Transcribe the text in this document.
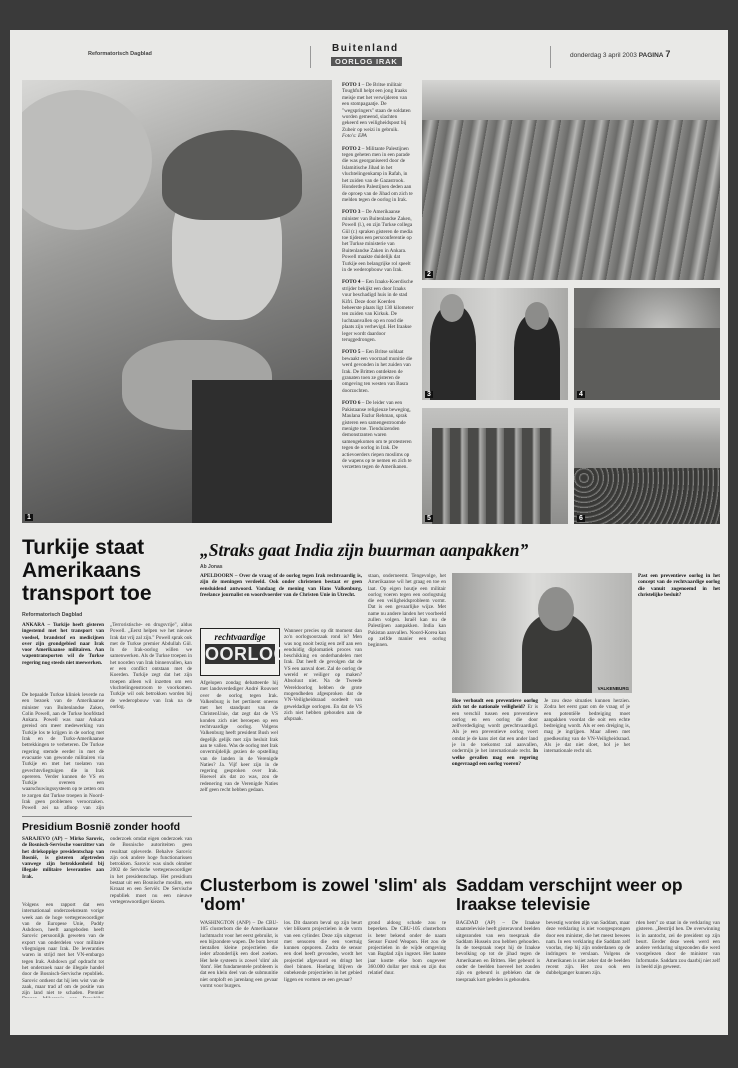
Reformatorisch Dagblad	Buitenland
OORLOG IRAK
donderdag 3 april 2003 PAGINA 7
1
FOTO 1 – De Britse militair Toughfull helpt een jong Iraaks meisje met het verwijderen van een stompagaatje. De "wegspringers" staan de soldaten worden gemeend, slachten gekeerd een veiligheidspost bij Zubeir op weizi in gebruik. Foto's: EPA
FOTO 2 – Militante Palestijnen tegen geheten men in een parade die was georganiseerd door de Islamitische Jihad in het vluchtelingenkamp in Rafah, in het zuiden van de Gazastrook. Honderden Palestijnen deden aan de oproep van de Jihad om zich te melden tegen de oorlog in Irak.
FOTO 3 – De Amerikaanse minister van Buitenlandse Zaken, Powell (l.), en zijn Turkse collega Gül (r.) spraken gisteren de media toe tijdens een persconferentie op het Turkse ministerie van Buitenlandse Zaken in Ankara. Powell maakte duidelijk dat Turkije een belangrijke rol speelt in de wederopbouw van Irak.
FOTO 4 – Een Iraaks-Koerdische strijder bekijkt een door Iraaks vuur beschadigd huis in de stad Kifri. Deze door Koerden beheerste plaats ligt 130 kilometer ten zuiden van Kirkuk. De luchtaanvallen op en rond die plaats zijn verhevigd. Het Iraakse leger wordt daardoor teruggedrongen.
FOTO 5 – Een Britse soldaat bewaakt een voorraad munitie die werd gevonden in het zuiden van Irak. De Britten ontdekten de granaten toen ze gisteren de omgeving ten westen van Basra doorzochten.
FOTO 6 – De leider van een Pakistaanse religieuze beweging, Maulana Fazlur Rehman, sprak gisteren een samengestroomde menigte toe. Tienduizenden demonstranten waren samengekomen om te protesteren tegen de oorlog in Irak. De actievoerders riepen moslims op de wapens op te nemen en zich te verzetten tegen de Amerikanen.
2
3	4
5	6
Turkije staat Amerikaans transport toe
Reformatorisch Dagblad
ANKARA – Turkije heeft gisteren ingestemd met het transport van voedsel, brandstof en medicijnen over zijn grondgebied naar Irak voor Amerikaanse militairen. Aan wapentransporten wil de Turkse regering nog steeds niet meewerken.
De bepaalde Turkse kliniek leverde na een bezoek van de Amerikaanse minister van Buitenlandse Zaken, Colin Powell, aan de Turkse hoofdstad Ankara. Powell was naar Ankara gereisd om meer medewerking van Turkije los te krijgen in de oorlog met Irak en de Turks-Amerikaanse betrekkingen te verbeteren. De Turkse regering stemde eerder in met de evacuatie van gewonde militairen via Turkije en met het toelaten van gevechtsvliegtuigen die in Irak opereren. Verder kunnen de VS en Turkije overeen een waarschuwingssysteem op te zetten om te zorgen dat Turkse troepen in Noord-Irak geen problemen veroorzaken. Powell zei na afloop van zijn
„Terroristische- en drugsvrije", aldus Powell. „Eerst helpen we het nieuwe Irak dat vrij zal zijn." Powell sprak ook met de Turkse premier Abdullah Gül. In de Irak-oorlog willen we samenwerken. Als de Turkse troepen in het noorden van Irak binnenvallen, kan er een conflict ontstaan met de Koerden. Turkije zegt dat het zijn troepen alleen wil inzetten om een vluchtelingenstroom te voorkomen. Turkije wil ook betrokken worden bij de wederopbouw van Irak na de oorlog.
Presidium Bosnië zonder hoofd
SARAJEVO (AP) – Mirko Sarovic, de Bosnisch-Servische voorzitter van het driekoppige presidentschap van Bosnië, is gisteren afgetreden vanwege zijn betrokkenheid bij illegale militaire leveranties aan Irak.
Volgens een rapport dat een internationaal onderzoeksteam vorige week aan de hoge vertegenwoordiger van de Europese Unie, Paddy Ashdown, heeft aangeboden heeft Sarovic persoonlijk geweten van de export van onderdelen voor militaire vliegtuigen naar Irak. De leveranties waren in strijd met het VN-embargo tegen Irak. Ashdown gaf opdracht tot het onderzoek naar de illegale handel door de Bosnisch-Servische republiek. Sarovic ontkent dat hij iets wist van de zaak, maar trad af om de positie van zijn land niet te schaden. Premier
onderzoek omdat eigen onderzoek van de Bosnische autoriteiten geen resultaat opleverde. Behalve Sarovic zijn ook andere hoge functionarissen betrokken. Sarovic was sinds oktober 2002 de Servische vertegenwoordiger in het presidentschap. Het presidium bestaat uit een Bosnische moslim, een Kroaat en een Serviër. De Servische republiek moet nu een nieuwe vertegenwoordiger kiezen.
„Straks gaat India zijn buurman aanpakken”
Ab Jonas
APELDOORN – Over de vraag of de oorlog tegen Irak rechtvaardig is, zijn de meningen verdeeld. Ook onder christenen bestaat er geen eensluidend antwoord. Vandaag de mening van Hans Valkenburg, freelance journalist en woordvoerder van de Christen Unie in Utrecht.
rechtvaardige
OORLOG
Afgelopen zondag debatteerde hij met landsverdediger André Rouvoet over de oorlog tegen Irak. Valkenburg is het pertinent oneens met het standpunt van de ChristenUnie, dat zegt dat de VS konden zich niet beroepen op een rechtvaardige oorlog. Volgens Valkenburg heeft president Bush wel degelijk gelijk met zijn besluit Irak aan te vallen. Was de oorlog met Irak onvermijdelijk gezien de opstelling van de landen in de Verenigde Naties? Ja. Vijf keer zijn in de regering gesproken over Irak. Hoewel als dat zo was, zou de redenering van de Verenigde Naties zelf geen recht hebben gedaan.
Wanneer precies op dit moment dan zo'n oorlogsoorzaak rond is? Men was nog nooit bezig een zelf aan een eenduidig diplomatiek proces van beschikking en onderhandelen met Irak. Dat heeft de gevolgen dat de VS een aanval doet. Zal de oorlog de wereld er veiliger op maken? Absoluut niet. Na de Tweede Wereldoorlog hebben de grote mogendheden afgesproken dat de VN-Veiligheidsraad oordeelt van geweldadige oorlogen. En dat de VS zich niet hebben gehouden aan de afspraak.
staan, onderneemt. Tengevolge, het Amerikaanse wil het graag en toe en laat. Op eigen houtje een militair oorlog voeren tegen een oorlogstuig die een veiligheidsprobleem vormt. Dat is een gevaarlijke wijze. Met name nu andere landen het voorbeeld zullen volgen. Israël kan nu de Palestijnen aanpakken. India kan Pakistan aanvallen. Noord-Korea kan op zelfde manier een oorlog beginnen.
VALKENBURG
Hoe verhoudt een preventieve oorlog zich tot de nationale veiligheid? Er is een verschil tussen een preventieve oorlog en een oorlog die door zelfverdediging wordt gerechtvaardigd. Als je een preventieve oorlog voert omdat je de kans ziet dat een ander land je in de toekomst zal aanvallen, ondermijn je het internationale recht. In welke gevallen mag een regering ongevraagd een oorlog voeren?
Je zou deze situaties kunnen herzien. Zodra het eerst gaat om de vraag of je een potentiële bedreiging moet aanpakken voordat die ooit een echte bedreiging wordt. Als er een dreiging is, mag je ingrijpen. Maar alleen met goedkeuring van de VN-Veiligheidsraad. Als je dat niet doet, hol je het internationale recht uit.
Past een preventieve oorlog in het concept van de rechtvaardige oorlog die vanuit zogenoemd in het christelijke besluit?
Clusterbom is zowel 'slim' als 'dom'
WASHINGTON (ANP) – De CBU-105 clusterbom die de Amerikaanse luchtmacht voor het eerst gebruikt, is een bijzondere wapen. De bom bevat tientallen kleine projectielen die ieder afzonderlijk een doel zoeken. Het hele systeem is zowel 'slim' als 'dom'. Het fundamentele probleem is dat een klein deel van de submunitie niet ontploft en jarenlang een gevaar vormt voor burgers.
los. Dit daarom beval op zijn beurt vier bliksem projectielen in de vorm van een cylinder. Deze zijn uitgerust met sensoren die een voertuig kunnen opsporen. Zodra de sensor een doel heeft gevonden, wordt het projectiel afgevuurd en dringt het doel binnen. Hoelang blijven de onbekende projectielen in het gebied liggen en vormen ze een gevaar?
grond aldoog schade zou te beperken. De CBU-105 clusterbom is beter bekend onder de naam Sensor Fuzed Weapon. Het zou de projectielen in de wijde omgeving van Bagdad zijn ingezet. Het laatste jaar kostte elke bom ongeveer 360.000 dollar per stuk en zijn dus relatief duur.
Saddam verschijnt weer op Iraakse televisie
BAGDAD (AP) – De Iraakse staatstelevisie heeft gisteravond beelden uitgezonden van een toespraak die Saddam Hussein zou hebben gehouden. In de toespraak roept hij de Iraakse bevolking op tot de jihad tegen de Amerikanen en Britten. Het gebeurd is onder de beelden hoeveel het zouden zijn en gebeurd is gebleken dat de toespraak kort geleden is gehouden.
bevestig worden zijn van Saddam, maar deze verklaring is niet voorgesprongen door een minister, die het meest bewees nam. In een verklaring die Saddam zelf voorlas, riep hij zijn onderdanen op de indringers te verslaan. Volgens de Amerikanen is niet zeker dat de beelden recent zijn. Het zou ook een dubbelganger kunnen zijn.
rden hem" zo staat in de verklaring van gisteren. „Bestrijd hen. De overwinning is in aantocht, zei de president op zijn beurt. Eerder deze week werd een andere verklaring uitgezonden die werd voorgelezen door de minister van Informatie. Saddam zou daarbij niet zelf in beeld zijn geweest.
